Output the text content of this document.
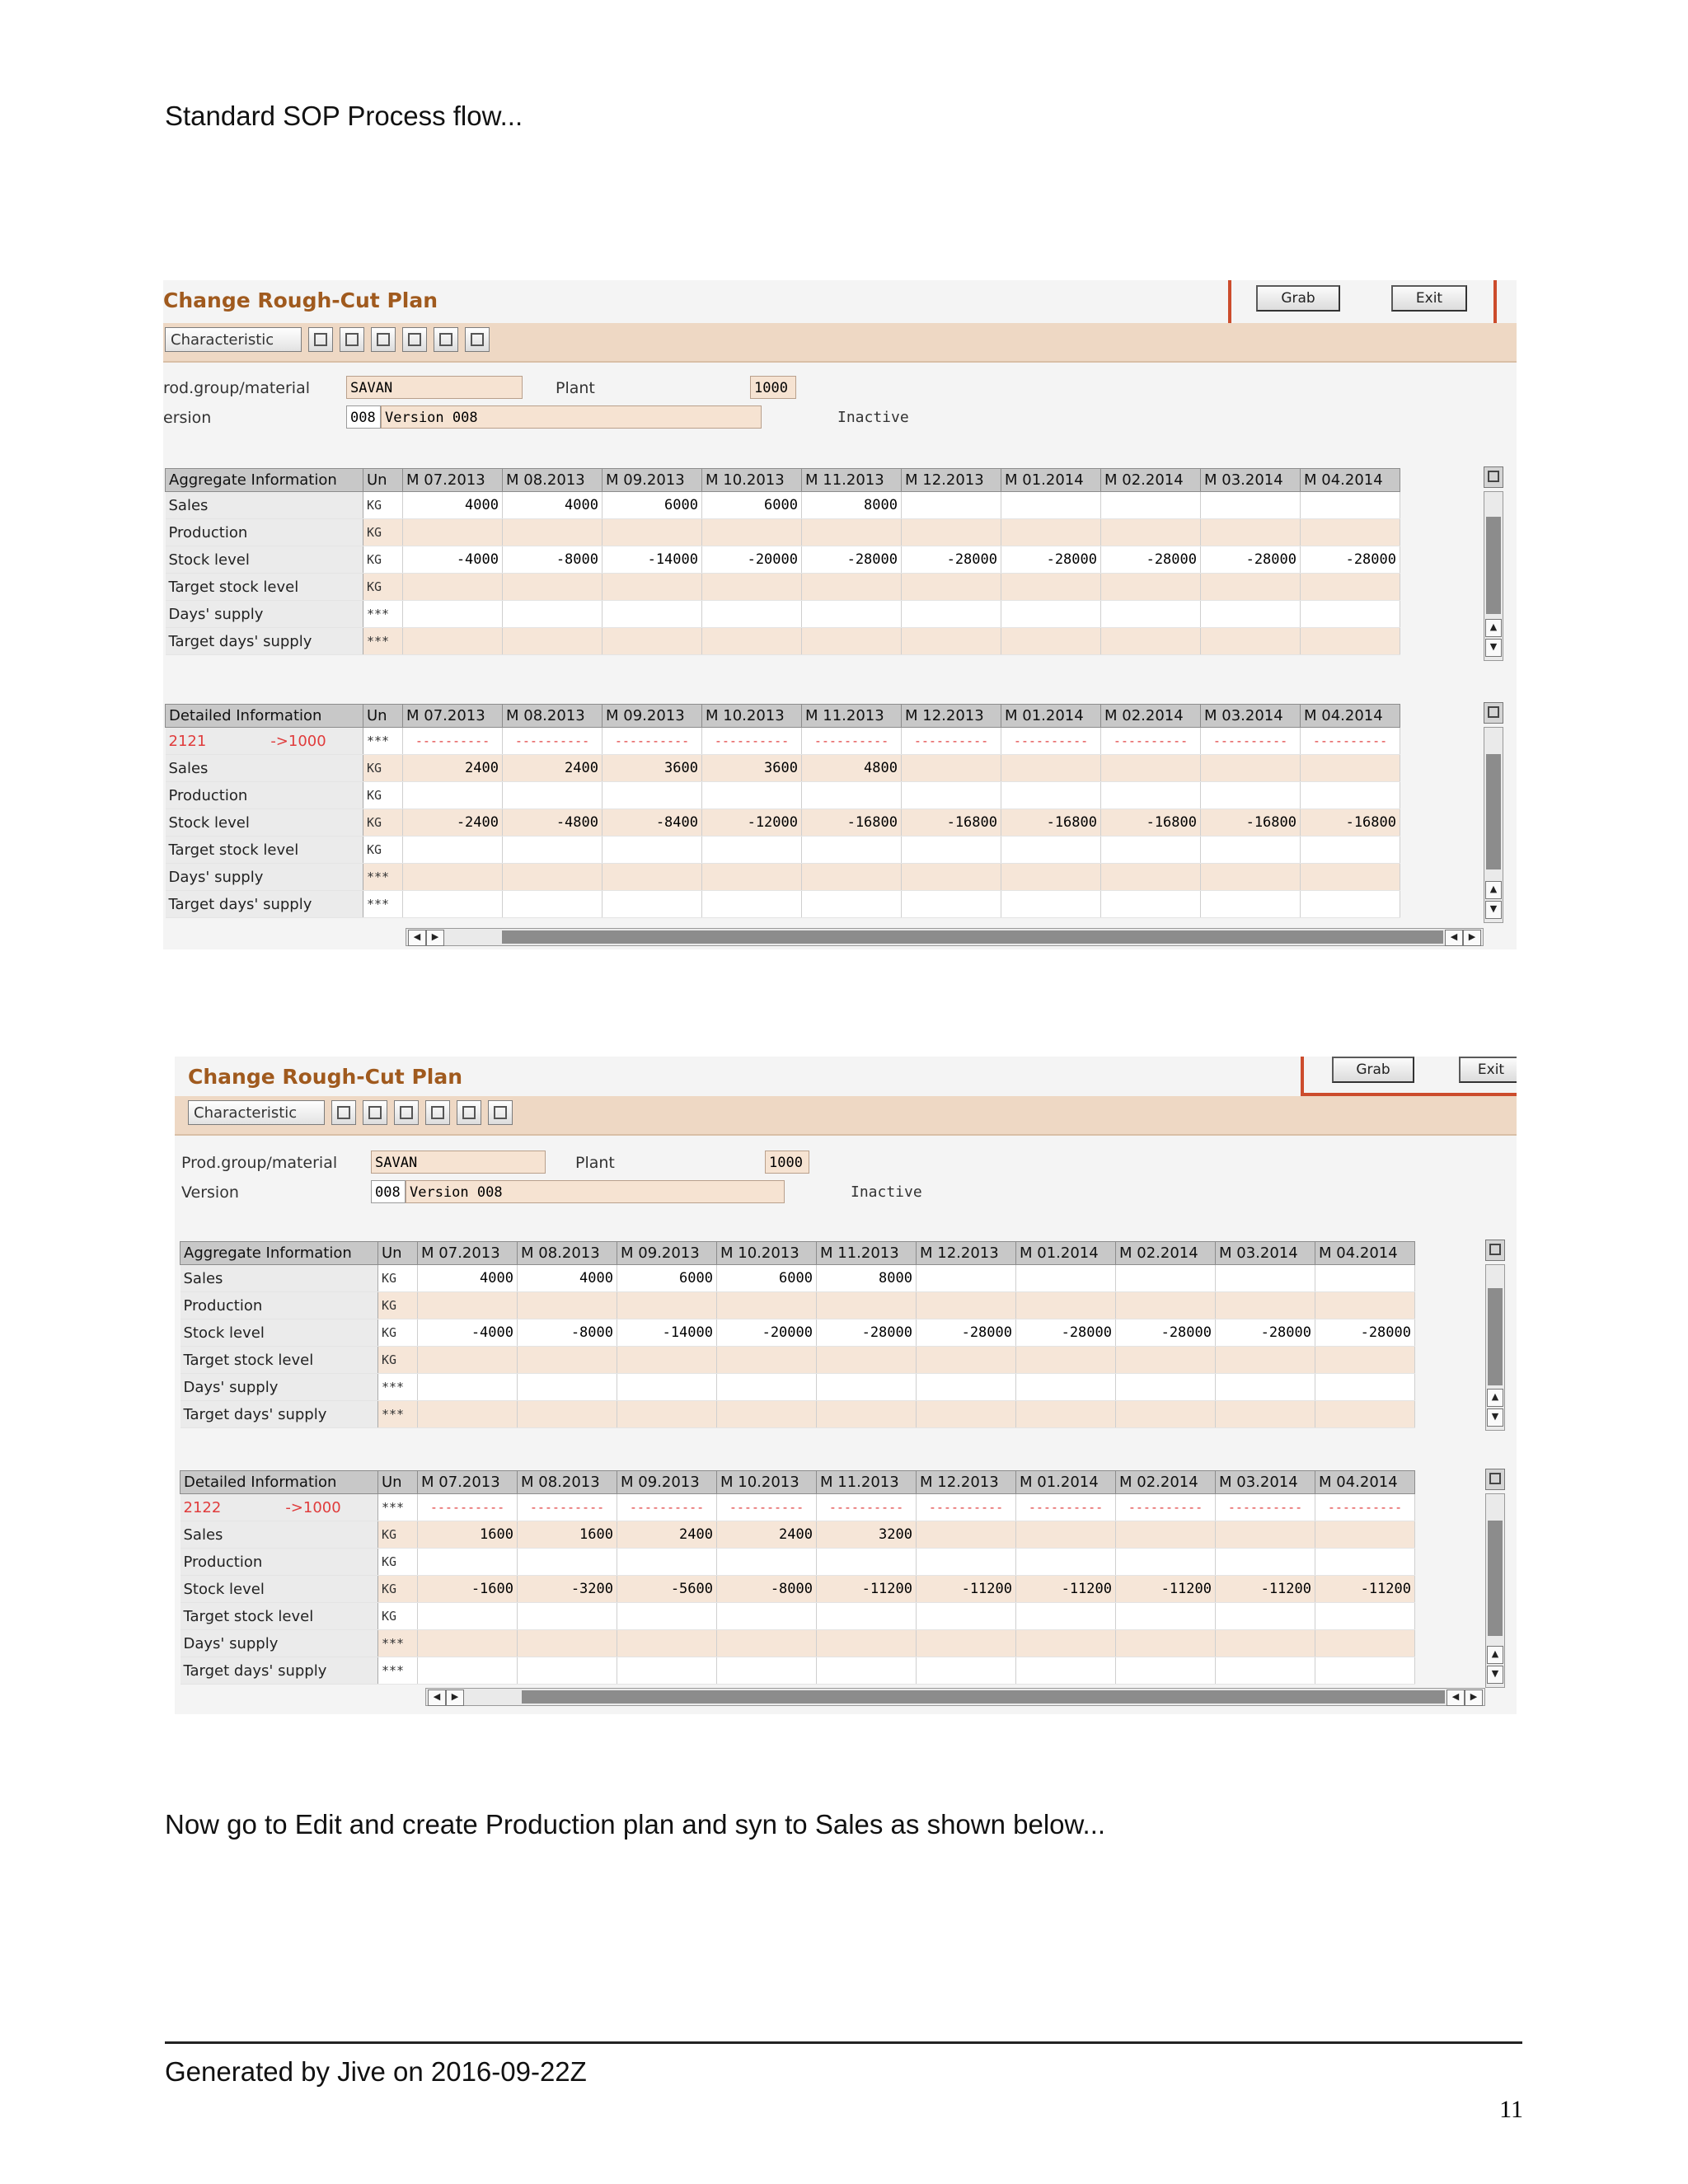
Standard SOP Process flow...
Change Rough-Cut Plan	Grab	Exit
Characteristic
rod.group/material	SAVAN	Plant	1000
ersion	008 Version 008	Inactive
Aggregate Information	Un	M 07.2013	M 08.2013	M 09.2013	M 10.2013	M 11.2013	M 12.2013	M 01.2014	M 02.2014	M 03.2014	M 04.2014
Sales	KG	4000	4000	6000	6000	8000					
Production	KG										
Stock level	KG	-4000	-8000	-14000	-20000	-28000	-28000	-28000	-28000	-28000	-28000
Target stock level	KG										
Days' supply	***										
Target days' supply	***										
▲
▼
Detailed Information	Un	M 07.2013	M 08.2013	M 09.2013	M 10.2013	M 11.2013	M 12.2013	M 01.2014	M 02.2014	M 03.2014	M 04.2014
2121 ->1000	***	----------	----------	----------	----------	----------	----------	----------	----------	----------	----------
Sales	KG	2400	2400	3600	3600	4800					
Production	KG										
Stock level	KG	-2400	-4800	-8400	-12000	-16800	-16800	-16800	-16800	-16800	-16800
Target stock level	KG										
Days' supply	***										
Target days' supply	***										
▲
▼
◀	▶	◀	▶
Change Rough-Cut Plan	Grab	Exit
Characteristic
Prod.group/material	SAVAN	Plant	1000
Version	008 Version 008	Inactive
Aggregate Information	Un	M 07.2013	M 08.2013	M 09.2013	M 10.2013	M 11.2013	M 12.2013	M 01.2014	M 02.2014	M 03.2014	M 04.2014
Sales	KG	4000	4000	6000	6000	8000					
Production	KG										
Stock level	KG	-4000	-8000	-14000	-20000	-28000	-28000	-28000	-28000	-28000	-28000
Target stock level	KG										
Days' supply	***										
Target days' supply	***										
▲
▼
Detailed Information	Un	M 07.2013	M 08.2013	M 09.2013	M 10.2013	M 11.2013	M 12.2013	M 01.2014	M 02.2014	M 03.2014	M 04.2014
2122 ->1000	***	----------	----------	----------	----------	----------	----------	----------	----------	----------	----------
Sales	KG	1600	1600	2400	2400	3200					
Production	KG										
Stock level	KG	-1600	-3200	-5600	-8000	-11200	-11200	-11200	-11200	-11200	-11200
Target stock level	KG										
Days' supply	***										
Target days' supply	***										
▲
▼
◀	▶	◀	▶
Now go to Edit and create Production plan and syn to Sales as shown below...
Generated by Jive on 2016-09-22Z
11
